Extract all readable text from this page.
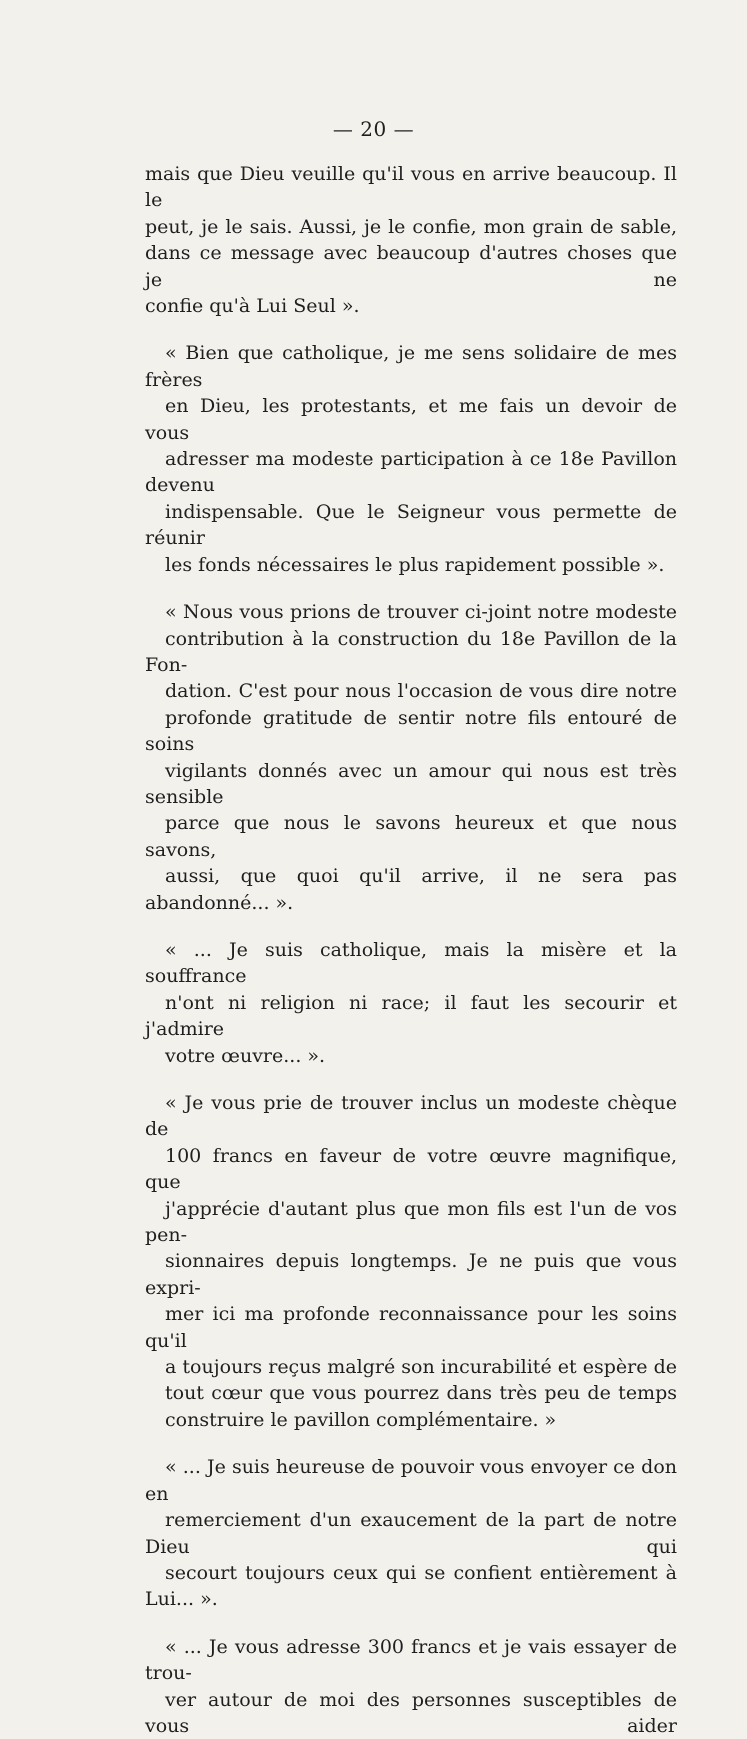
— 20 —

mais que Dieu veuille qu'il vous en arrive beaucoup. Il le
peut, je le sais. Aussi, je le confie, mon grain de sable,
dans ce message avec beaucoup d'autres choses que je ne
confie qu'à Lui Seul ».

« Bien que catholique, je me sens solidaire de mes frères
en Dieu, les protestants, et me fais un devoir de vous
adresser ma modeste participation à ce 18e Pavillon devenu
indispensable. Que le Seigneur vous permette de réunir
les fonds nécessaires le plus rapidement possible ».

« Nous vous prions de trouver ci-joint notre modeste
contribution à la construction du 18e Pavillon de la Fon-
dation. C'est pour nous l'occasion de vous dire notre
profonde gratitude de sentir notre fils entouré de soins
vigilants donnés avec un amour qui nous est très sensible
parce que nous le savons heureux et que nous savons,
aussi, que quoi qu'il arrive, il ne sera pas abandonné... ».

« ... Je suis catholique, mais la misère et la souffrance
n'ont ni religion ni race; il faut les secourir et j'admire
votre œuvre... ».

« Je vous prie de trouver inclus un modeste chèque de
100 francs en faveur de votre œuvre magnifique, que
j'apprécie d'autant plus que mon fils est l'un de vos pen-
sionnaires depuis longtemps. Je ne puis que vous expri-
mer ici ma profonde reconnaissance pour les soins qu'il
a toujours reçus malgré son incurabilité et espère de
tout cœur que vous pourrez dans très peu de temps
construire le pavillon complémentaire. »

« ... Je suis heureuse de pouvoir vous envoyer ce don en
remerciement d'un exaucement de la part de notre Dieu qui
secourt toujours ceux qui se confient entièrement à Lui... ».

« ... Je vous adresse 300 francs et je vais essayer de trou-
ver autour de moi des personnes susceptibles de vous aider
